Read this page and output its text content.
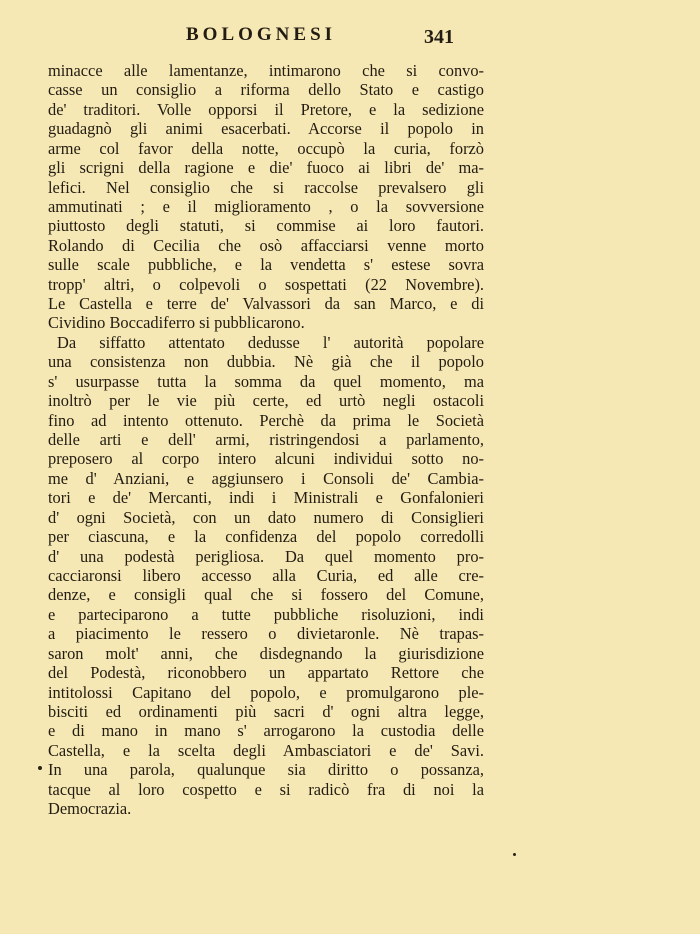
BOLOGNESI	341
minacce alle lamentanze, intimarono che si convo-
casse un consiglio a riforma dello Stato e castigo
de' traditori. Volle opporsi il Pretore, e la sedizione
guadagnò gli animi esacerbati. Accorse il popolo in
arme col favor della notte, occupò la curia, forzò
gli scrigni della ragione e die' fuoco ai libri de' ma-
lefici. Nel consiglio che si raccolse prevalsero gli
ammutinati ; e il miglioramento , o la sovversione
piuttosto degli statuti, si commise ai loro fautori.
Rolando di Cecilia che osò affacciarsi venne morto
sulle scale pubbliche, e la vendetta s' estese sovra
tropp' altri, o colpevoli o sospettati (22 Novembre).
Le Castella e terre de' Valvassori da san Marco, e di
Cividino Boccadiferro si pubblicarono.
Da siffatto attentato dedusse l' autorità popolare
una consistenza non dubbia. Nè già che il popolo
s' usurpasse tutta la somma da quel momento, ma
inoltrò per le vie più certe, ed urtò negli ostacoli
fino ad intento ottenuto. Perchè da prima le Società
delle arti e dell' armi, ristringendosi a parlamento,
preposero al corpo intero alcuni individui sotto no-
me d' Anziani, e aggiunsero i Consoli de' Cambia-
tori e de' Mercanti, indi i Ministrali e Gonfalonieri
d' ogni Società, con un dato numero di Consiglieri
per ciascuna, e la confidenza del popolo corredolli
d' una podestà perigliosa. Da quel momento pro-
cacciaronsi libero accesso alla Curia, ed alle cre-
denze, e consigli qual che si fossero del Comune,
e parteciparono a tutte pubbliche risoluzioni, indi
a piacimento le ressero o divietaronle. Nè trapas-
saron molt' anni, che disdegnando la giurisdizione
del Podestà, riconobbero un appartato Rettore che
intitolossi Capitano del popolo, e promulgarono ple-
bisciti ed ordinamenti più sacri d' ogni altra legge,
e di mano in mano s' arrogarono la custodia delle
Castella, e la scelta degli Ambasciatori e de' Savi.
In una parola, qualunque sia diritto o possanza,
tacque al loro cospetto e si radicò fra di noi la
Democrazia.
